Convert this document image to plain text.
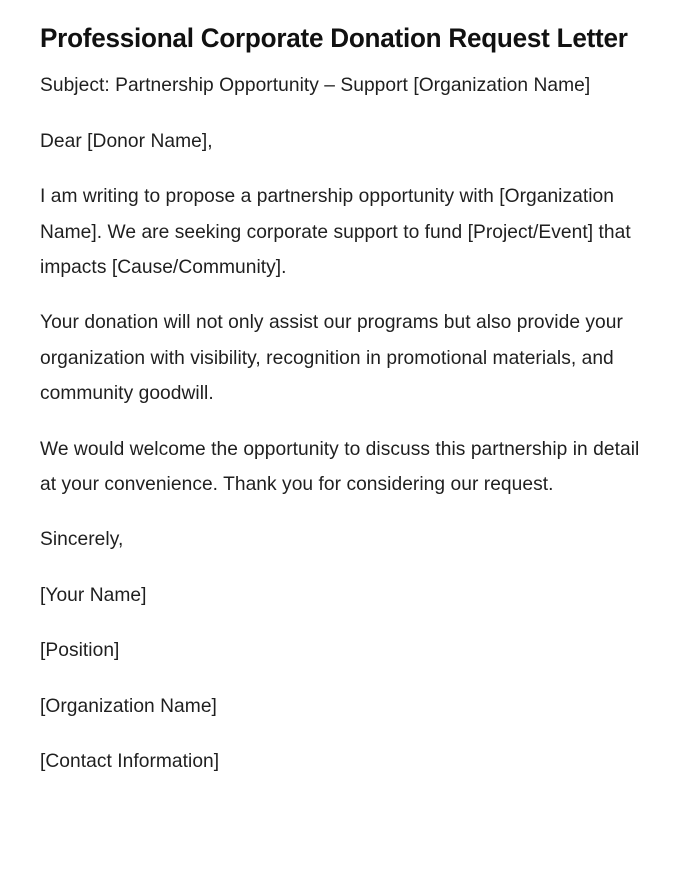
Professional Corporate Donation Request Letter

Subject: Partnership Opportunity – Support [Organization Name]

Dear [Donor Name],

I am writing to propose a partnership opportunity with [Organization Name]. We are seeking corporate support to fund [Project/Event] that impacts [Cause/Community].

Your donation will not only assist our programs but also provide your organization with visibility, recognition in promotional materials, and community goodwill.

We would welcome the opportunity to discuss this partnership in detail at your convenience. Thank you for considering our request.

Sincerely,

[Your Name]

[Position]

[Organization Name]

[Contact Information]
